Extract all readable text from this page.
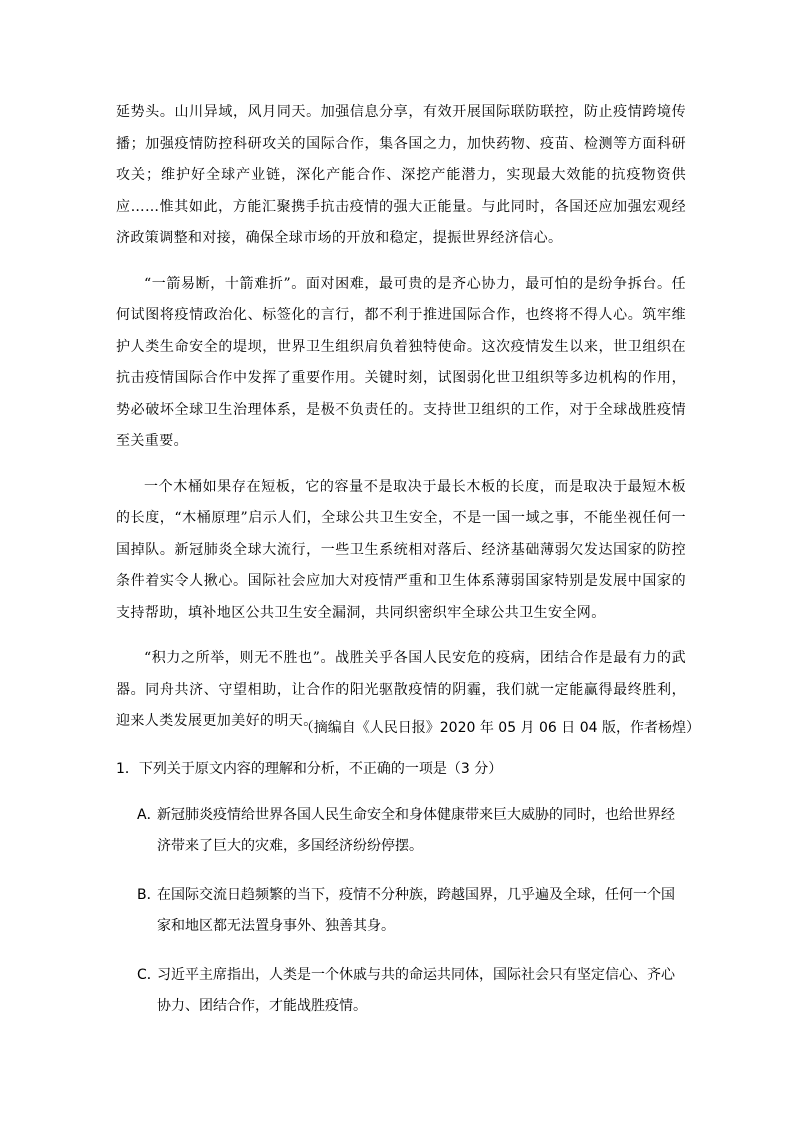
延势头。山川异域，风月同天。加强信息分享，有效开展国际联防联控，防止疫情跨境传播；加强疫情防控科研攻关的国际合作，集各国之力，加快药物、疫苗、检测等方面科研攻关；维护好全球产业链，深化产能合作、深挖产能潜力，实现最大效能的抗疫物资供应……惟其如此，方能汇聚携手抗击疫情的强大正能量。与此同时，各国还应加强宏观经济政策调整和对接，确保全球市场的开放和稳定，提振世界经济信心。

“一箭易断，十箭难折”。面对困难，最可贵的是齐心协力，最可怕的是纷争拆台。任何试图将疫情政治化、标签化的言行，都不利于推进国际合作，也终将不得人心。筑牢维护人类生命安全的堤坝，世界卫生组织肩负着独特使命。这次疫情发生以来，世卫组织在抗击疫情国际合作中发挥了重要作用。关键时刻，试图弱化世卫组织等多边机构的作用，势必破坏全球卫生治理体系，是极不负责任的。支持世卫组织的工作，对于全球战胜疫情至关重要。

一个木桶如果存在短板，它的容量不是取决于最长木板的长度，而是取决于最短木板的长度，“木桶原理”启示人们，全球公共卫生安全，不是一国一域之事，不能坐视任何一国掉队。新冠肺炎全球大流行，一些卫生系统相对落后、经济基础薄弱欠发达国家的防控条件着实令人揪心。国际社会应加大对疫情严重和卫生体系薄弱国家特别是发展中国家的支持帮助，填补地区公共卫生安全漏洞，共同织密织牢全球公共卫生安全网。

“积力之所举，则无不胜也”。战胜关乎各国人民安危的疫病，团结合作是最有力的武器。同舟共济、守望相助，让合作的阳光驱散疫情的阴霾，我们就一定能赢得最终胜利，迎来人类发展更加美好的明天。

（摘编自《人民日报》2020 年 05 月 06 日 04 版，作者杨煌）
1．下列关于原文内容的理解和分析，不正确的一项是（3 分）
A．新冠肺炎疫情给世界各国人民生命安全和身体健康带来巨大威胁的同时，也给世界经济带来了巨大的灾难，多国经济纷纷停摆。
B．在国际交流日趋频繁的当下，疫情不分种族，跨越国界，几乎遍及全球，任何一个国家和地区都无法置身事外、独善其身。
C．习近平主席指出，人类是一个休戚与共的命运共同体，国际社会只有坚定信心、齐心协力、团结合作，才能战胜疫情。
